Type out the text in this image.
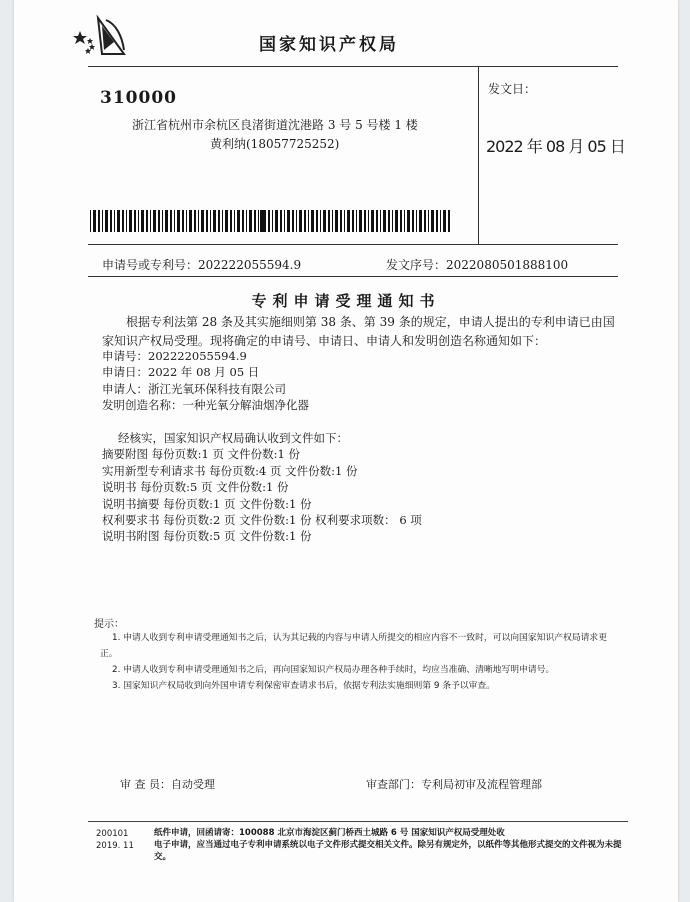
国家知识产权局
310000
浙江省杭州市余杭区良渚街道沈港路 3 号 5 号楼 1 楼
黄利纳(18057725252)
发文日：
2022 年 08 月 05 日
申请号或专利号：202222055594.9	发文序号：2022080501888100
专利申请受理通知书

根据专利法第 28 条及其实施细则第 38 条、第 39 条的规定，申请人提出的专利申请已由国家知识产权局受理。现将确定的申请号、申请日、申请人和发明创造名称通知如下：

申请号：202222055594.9
申请日：2022 年 08 月 05 日
申请人：浙江光氧环保科技有限公司
发明创造名称：一种光氧分解油烟净化器
经核实，国家知识产权局确认收到文件如下：
摘要附图 每份页数:1 页 文件份数:1 份
实用新型专利请求书 每份页数:4 页 文件份数:1 份
说明书 每份页数:5 页 文件份数:1 份
说明书摘要 每份页数:1 页 文件份数:1 份
权利要求书 每份页数:2 页 文件份数:1 份 权利要求项数： 6 项
说明书附图 每份页数:5 页 文件份数:1 份
提示：
1. 申请人收到专利申请受理通知书之后，认为其记载的内容与申请人所提交的相应内容不一致时，可以向国家知识产权局请求更正。
2. 申请人收到专利申请受理通知书之后，再向国家知识产权局办理各种手续时，均应当准确、清晰地写明申请号。
3. 国家知识产权局收到向外国申请专利保密审查请求书后，依据专利法实施细则第 9 条予以审查。
审 查 员：自动受理	审查部门：专利局初审及流程管理部
200101
2019. 11
纸件申请，回函请寄：100088 北京市海淀区蓟门桥西土城路 6 号 国家知识产权局受理处收
电子申请，应当通过电子专利申请系统以电子文件形式提交相关文件。除另有规定外，以纸件等其他形式提交的文件视为未提交。
